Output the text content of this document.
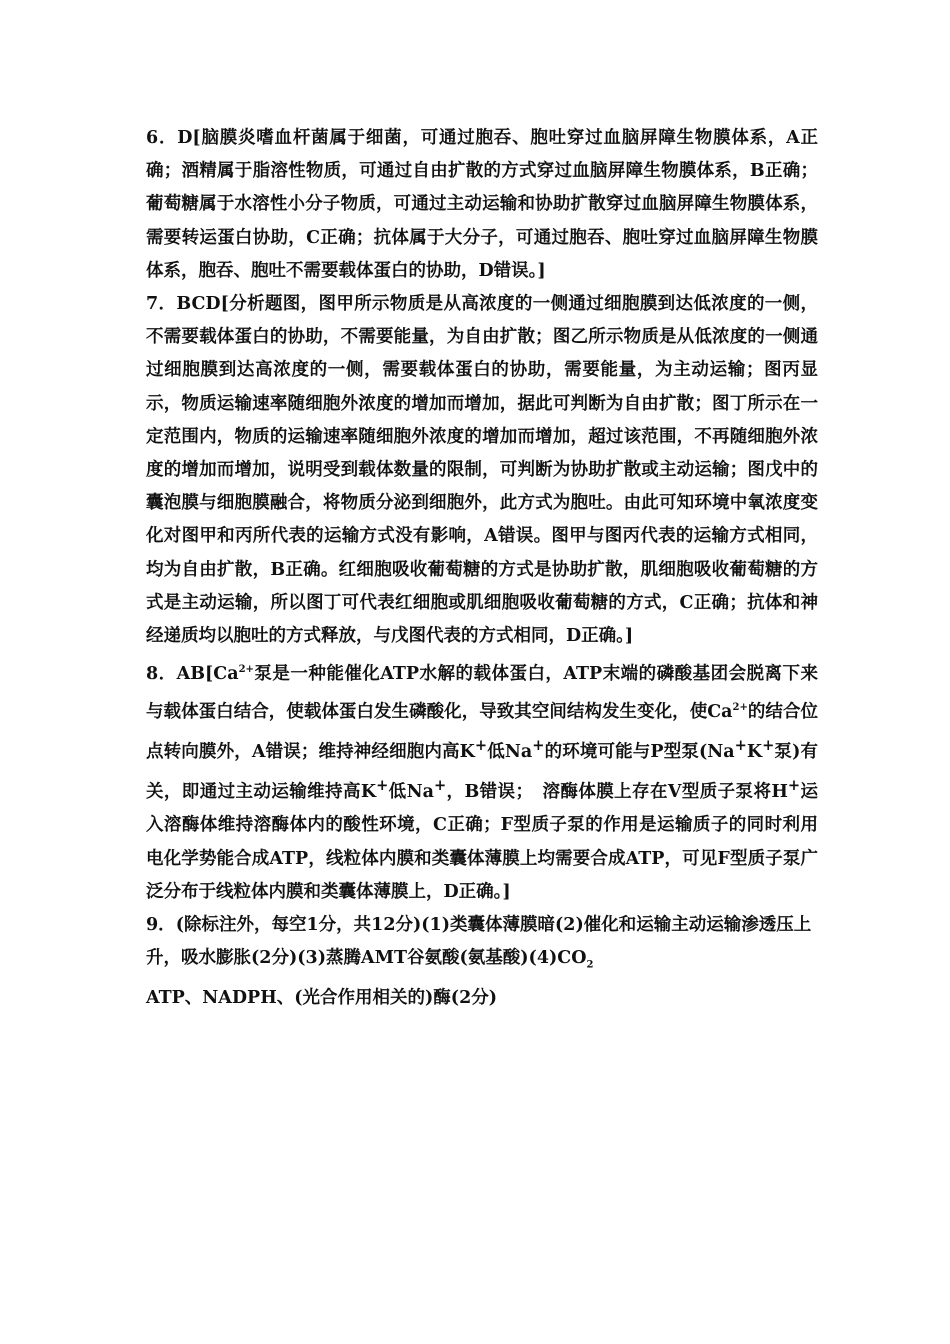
6．D[脑膜炎嗜血杆菌属于细菌，可通过胞吞、胞吐穿过血脑屏障生物膜体系，A正确；酒精属于脂溶性物质，可通过自由扩散的方式穿过血脑屏障生物膜体系，B正确；葡萄糖属于水溶性小分子物质，可通过主动运输和协助扩散穿过血脑屏障生物膜体系，需要转运蛋白协助，C正确；抗体属于大分子，可通过胞吞、胞吐穿过血脑屏障生物膜体系，胞吞、胞吐不需要载体蛋白的协助，D错误。]

7．BCD[分析题图，图甲所示物质是从高浓度的一侧通过细胞膜到达低浓度的一侧，不需要载体蛋白的协助，不需要能量，为自由扩散；图乙所示物质是从低浓度的一侧通过细胞膜到达高浓度的一侧，需要载体蛋白的协助，需要能量，为主动运输；图丙显示，物质运输速率随细胞外浓度的增加而增加，据此可判断为自由扩散；图丁所示在一定范围内，物质的运输速率随细胞外浓度的增加而增加，超过该范围，不再随细胞外浓度的增加而增加，说明受到载体数量的限制，可判断为协助扩散或主动运输；图戊中的囊泡膜与细胞膜融合，将物质分泌到细胞外，此方式为胞吐。由此可知环境中氧浓度变化对图甲和丙所代表的运输方式没有影响，A错误。图甲与图丙代表的运输方式相同，均为自由扩散，B正确。红细胞吸收葡萄糖的方式是协助扩散，肌细胞吸收葡萄糖的方式是主动运输，所以图丁可代表红细胞或肌细胞吸收葡萄糖的方式，C正确；抗体和神经递质均以胞吐的方式释放，与戊图代表的方式相同，D正确。]

8．$AB[Ca^{2+}$泵是一种能催化ATP水解的载体蛋白，ATP末端的磷酸基团会脱离下来与载体蛋白结合，使载体蛋白发生磷酸化，导致其空间结构发生变化，使$Ca^{2+}$的结合位点转向膜外，A错误；维持神经细胞内高K+低Na+的环境可能与P型泵(Na+K+泵)有关，即通过主动运输维持高K+低Na+，B错误；　溶酶体膜上存在V型质子泵将H+运入溶酶体维持溶酶体内的酸性环境，C正确；F型质子泵的作用是运输质子的同时利用电化学势能合成ATP，线粒体内膜和类囊体薄膜上均需要合成ATP，可见F型质子泵广泛分布于线粒体内膜和类囊体薄膜上，D正确。]

9．(除标注外，每空1分，共12分)(1)类囊体薄膜暗(2)催化和运输主动运输渗透压上升，吸水膨胀(2分)(3)蒸腾AMT谷氨酸(氨基酸)$(4)CO_2$
ATP、NADPH、(光合作用相关的)酶(2分)
